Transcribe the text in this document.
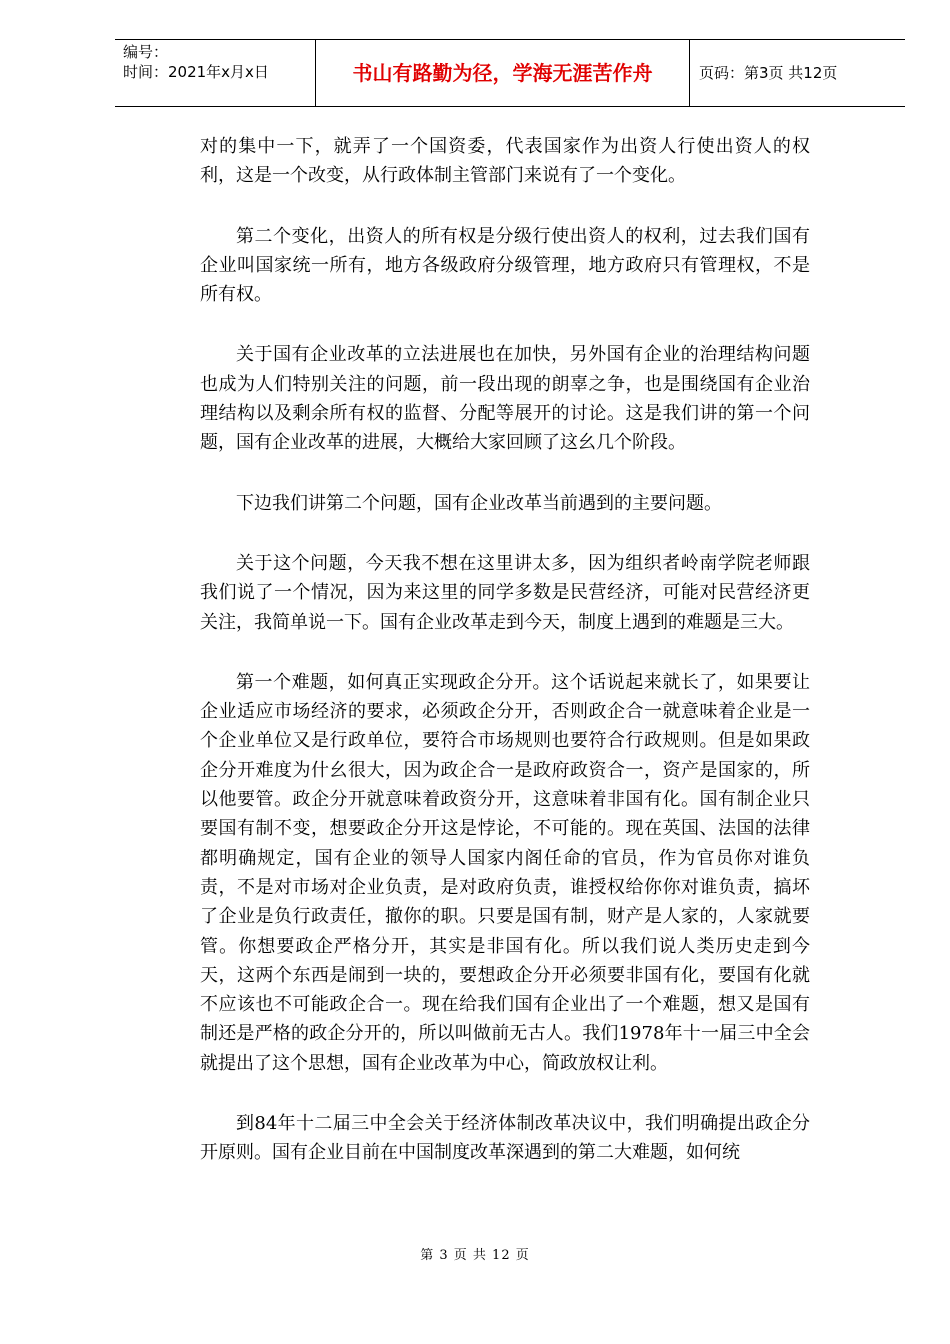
编号：
时间：2021年x月x日	书山有路勤为径，学海无涯苦作舟	页码：第3页 共12页

对的集中一下，就弄了一个国资委，代表国家作为出资人行使出资人的权利，这是一个改变，从行政体制主管部门来说有了一个变化。

第二个变化，出资人的所有权是分级行使出资人的权利，过去我们国有企业叫国家统一所有，地方各级政府分级管理，地方政府只有管理权，不是所有权。

关于国有企业改革的立法进展也在加快，另外国有企业的治理结构问题也成为人们特别关注的问题，前一段出现的朗辜之争，也是围绕国有企业治理结构以及剩余所有权的监督、分配等展开的讨论。这是我们讲的第一个问题，国有企业改革的进展，大概给大家回顾了这幺几个阶段。

下边我们讲第二个问题，国有企业改革当前遇到的主要问题。

关于这个问题，今天我不想在这里讲太多，因为组织者岭南学院老师跟我们说了一个情况，因为来这里的同学多数是民营经济，可能对民营经济更关注，我简单说一下。国有企业改革走到今天，制度上遇到的难题是三大。

第一个难题，如何真正实现政企分开。这个话说起来就长了，如果要让企业适应市场经济的要求，必须政企分开，否则政企合一就意味着企业是一个企业单位又是行政单位，要符合市场规则也要符合行政规则。但是如果政企分开难度为什幺很大，因为政企合一是政府政资合一，资产是国家的，所以他要管。政企分开就意味着政资分开，这意味着非国有化。国有制企业只要国有制不变，想要政企分开这是悖论，不可能的。现在英国、法国的法律都明确规定，国有企业的领导人国家内阁任命的官员，作为官员你对谁负责，不是对市场对企业负责，是对政府负责，谁授权给你你对谁负责，搞坏了企业是负行政责任，撤你的职。只要是国有制，财产是人家的，人家就要管。你想要政企严格分开，其实是非国有化。所以我们说人类历史走到今天，这两个东西是闹到一块的，要想政企分开必须要非国有化，要国有化就不应该也不可能政企合一。现在给我们国有企业出了一个难题，想又是国有制还是严格的政企分开的，所以叫做前无古人。我们1978年十一届三中全会就提出了这个思想，国有企业改革为中心，简政放权让利。

到84年十二届三中全会关于经济体制改革决议中，我们明确提出政企分开原则。国有企业目前在中国制度改革深遇到的第二大难题，如何统

第 3 页 共 12 页
